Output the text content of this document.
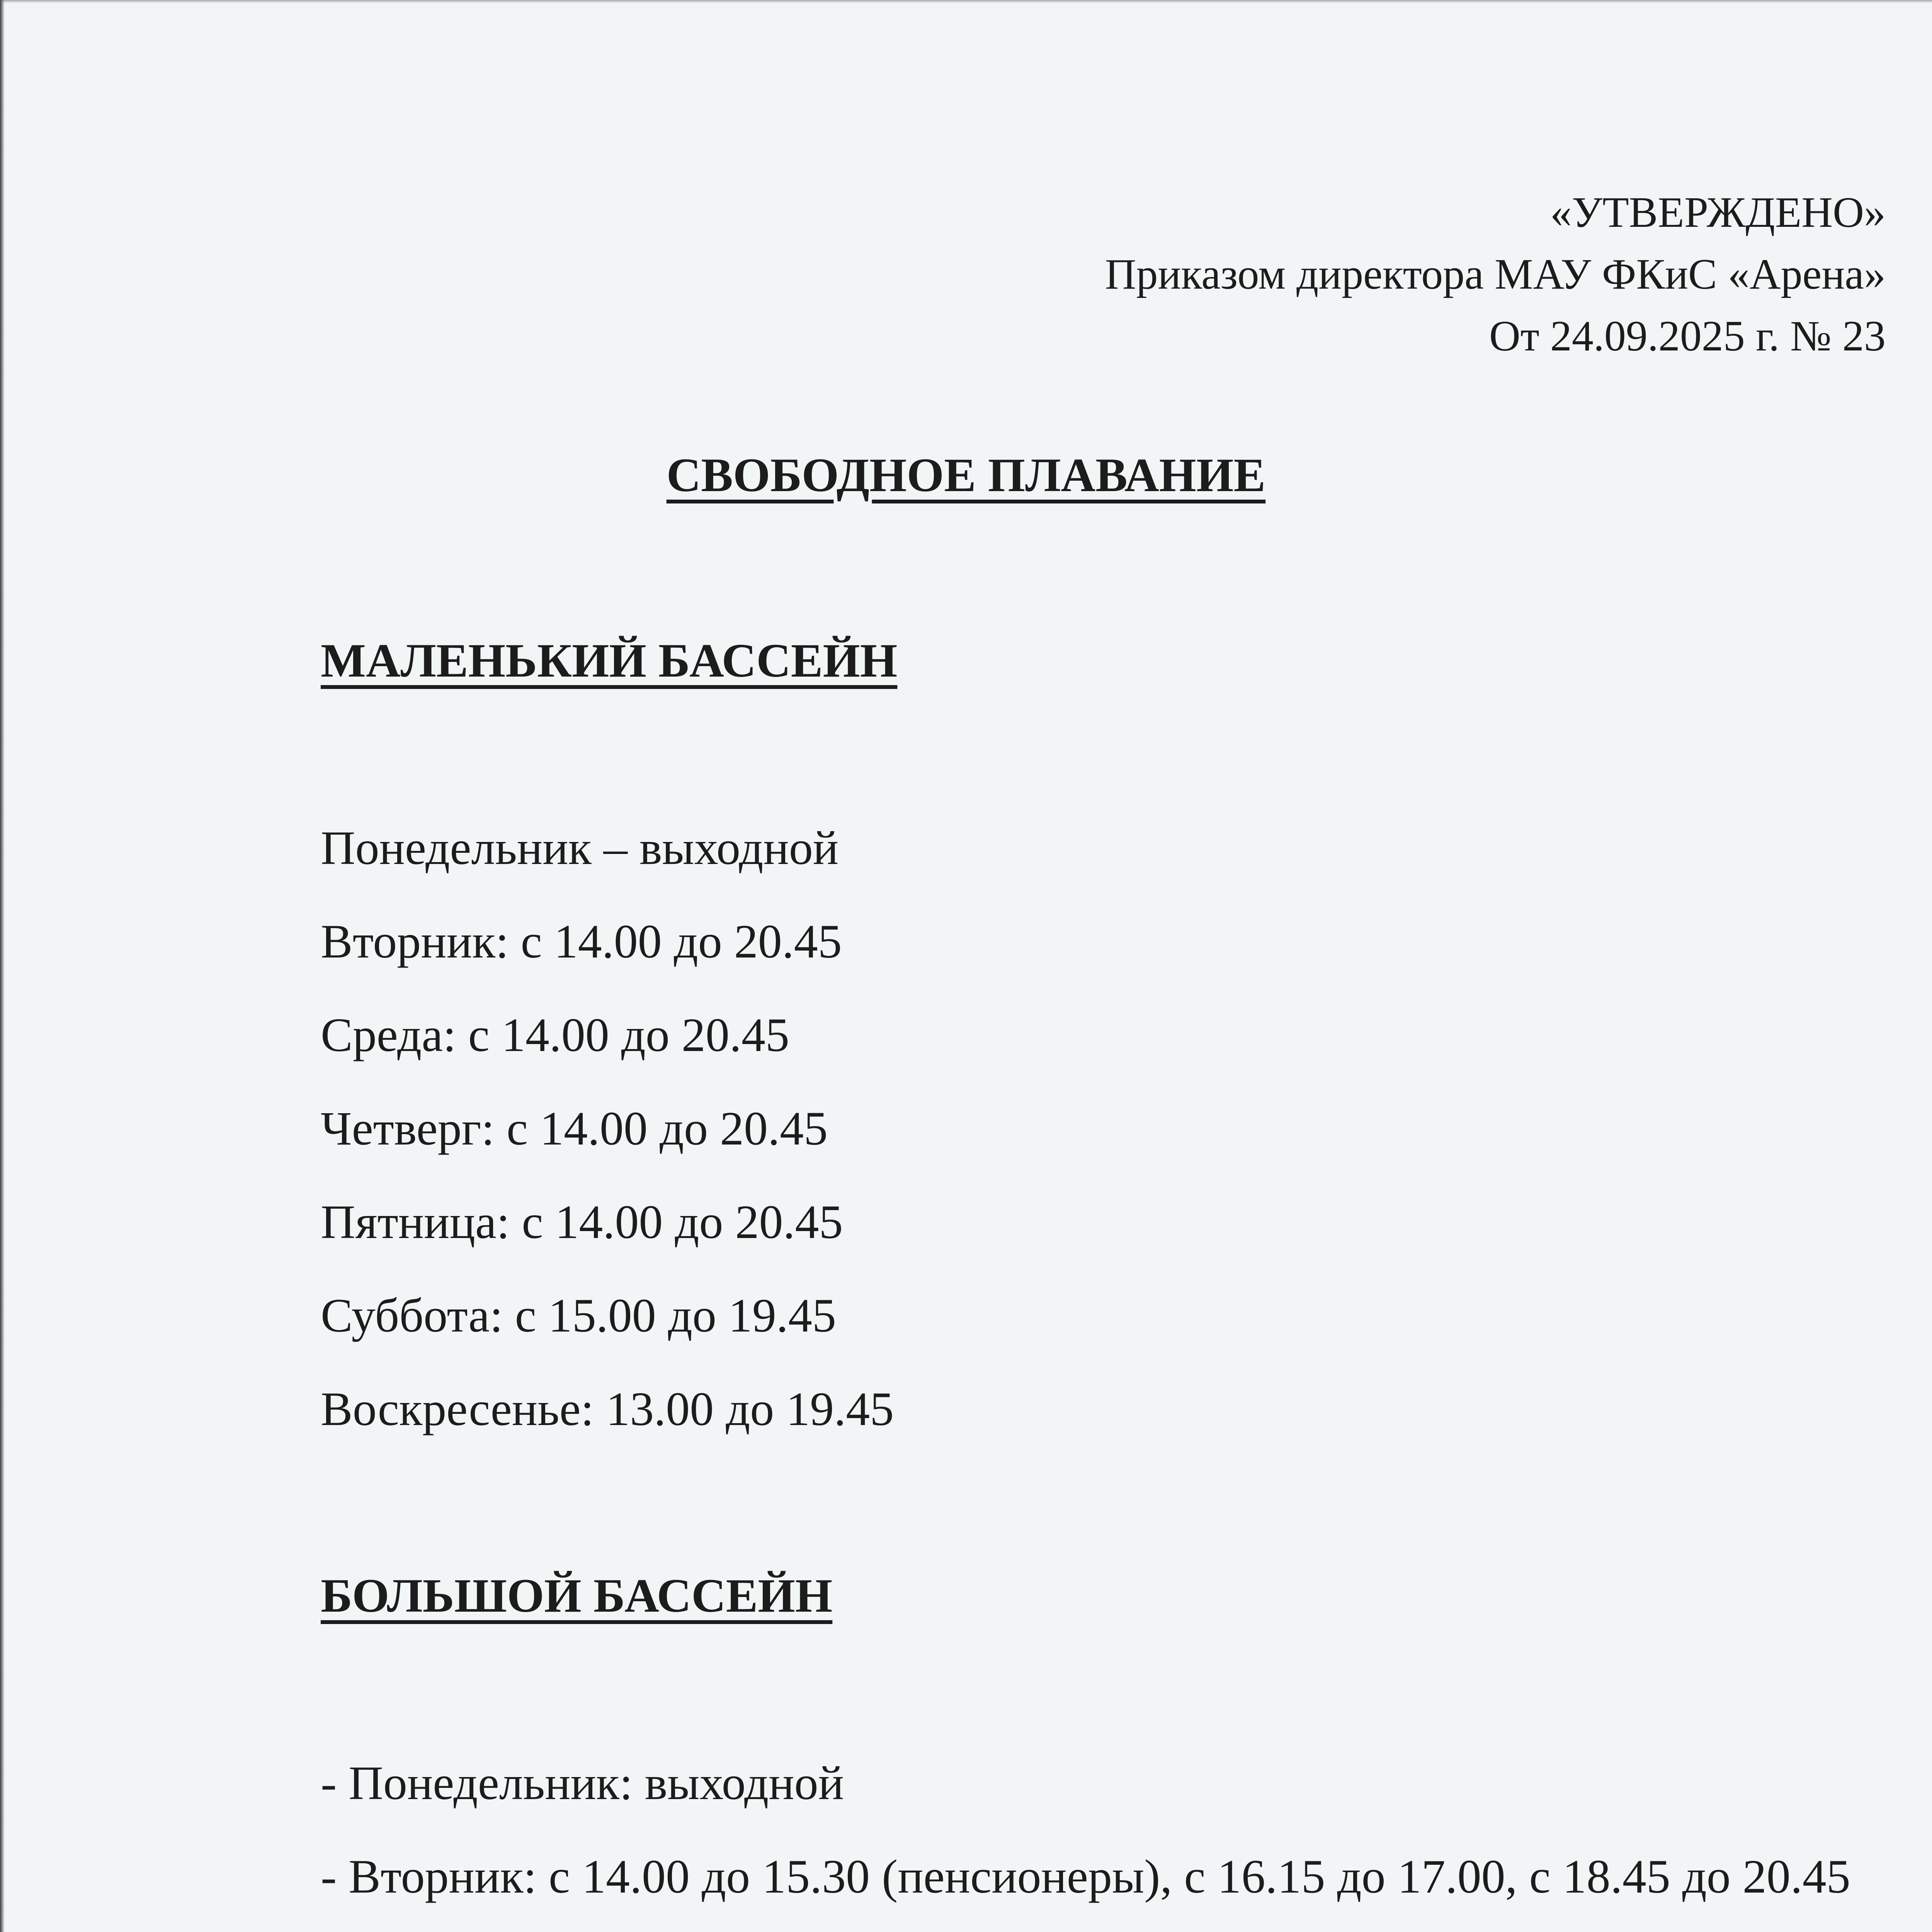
«УТВЕРЖДЕНО»
Приказом директора МАУ ФКиС «Арена»
От 24.09.2025 г. № 23
СВОБОДНОЕ ПЛАВАНИЕ
МАЛЕНЬКИЙ БАССЕЙН
Понедельник – выходной
Вторник: с 14.00 до 20.45
Среда: с 14.00 до 20.45
Четверг: с 14.00 до 20.45
Пятница: с 14.00 до 20.45
Суббота: с 15.00 до 19.45
Воскресенье: 13.00 до 19.45
БОЛЬШОЙ БАССЕЙН
- Понедельник: выходной
- Вторник: с 14.00 до 15.30 (пенсионеры), с 16.15 до 17.00, с 18.45 до 20.45
